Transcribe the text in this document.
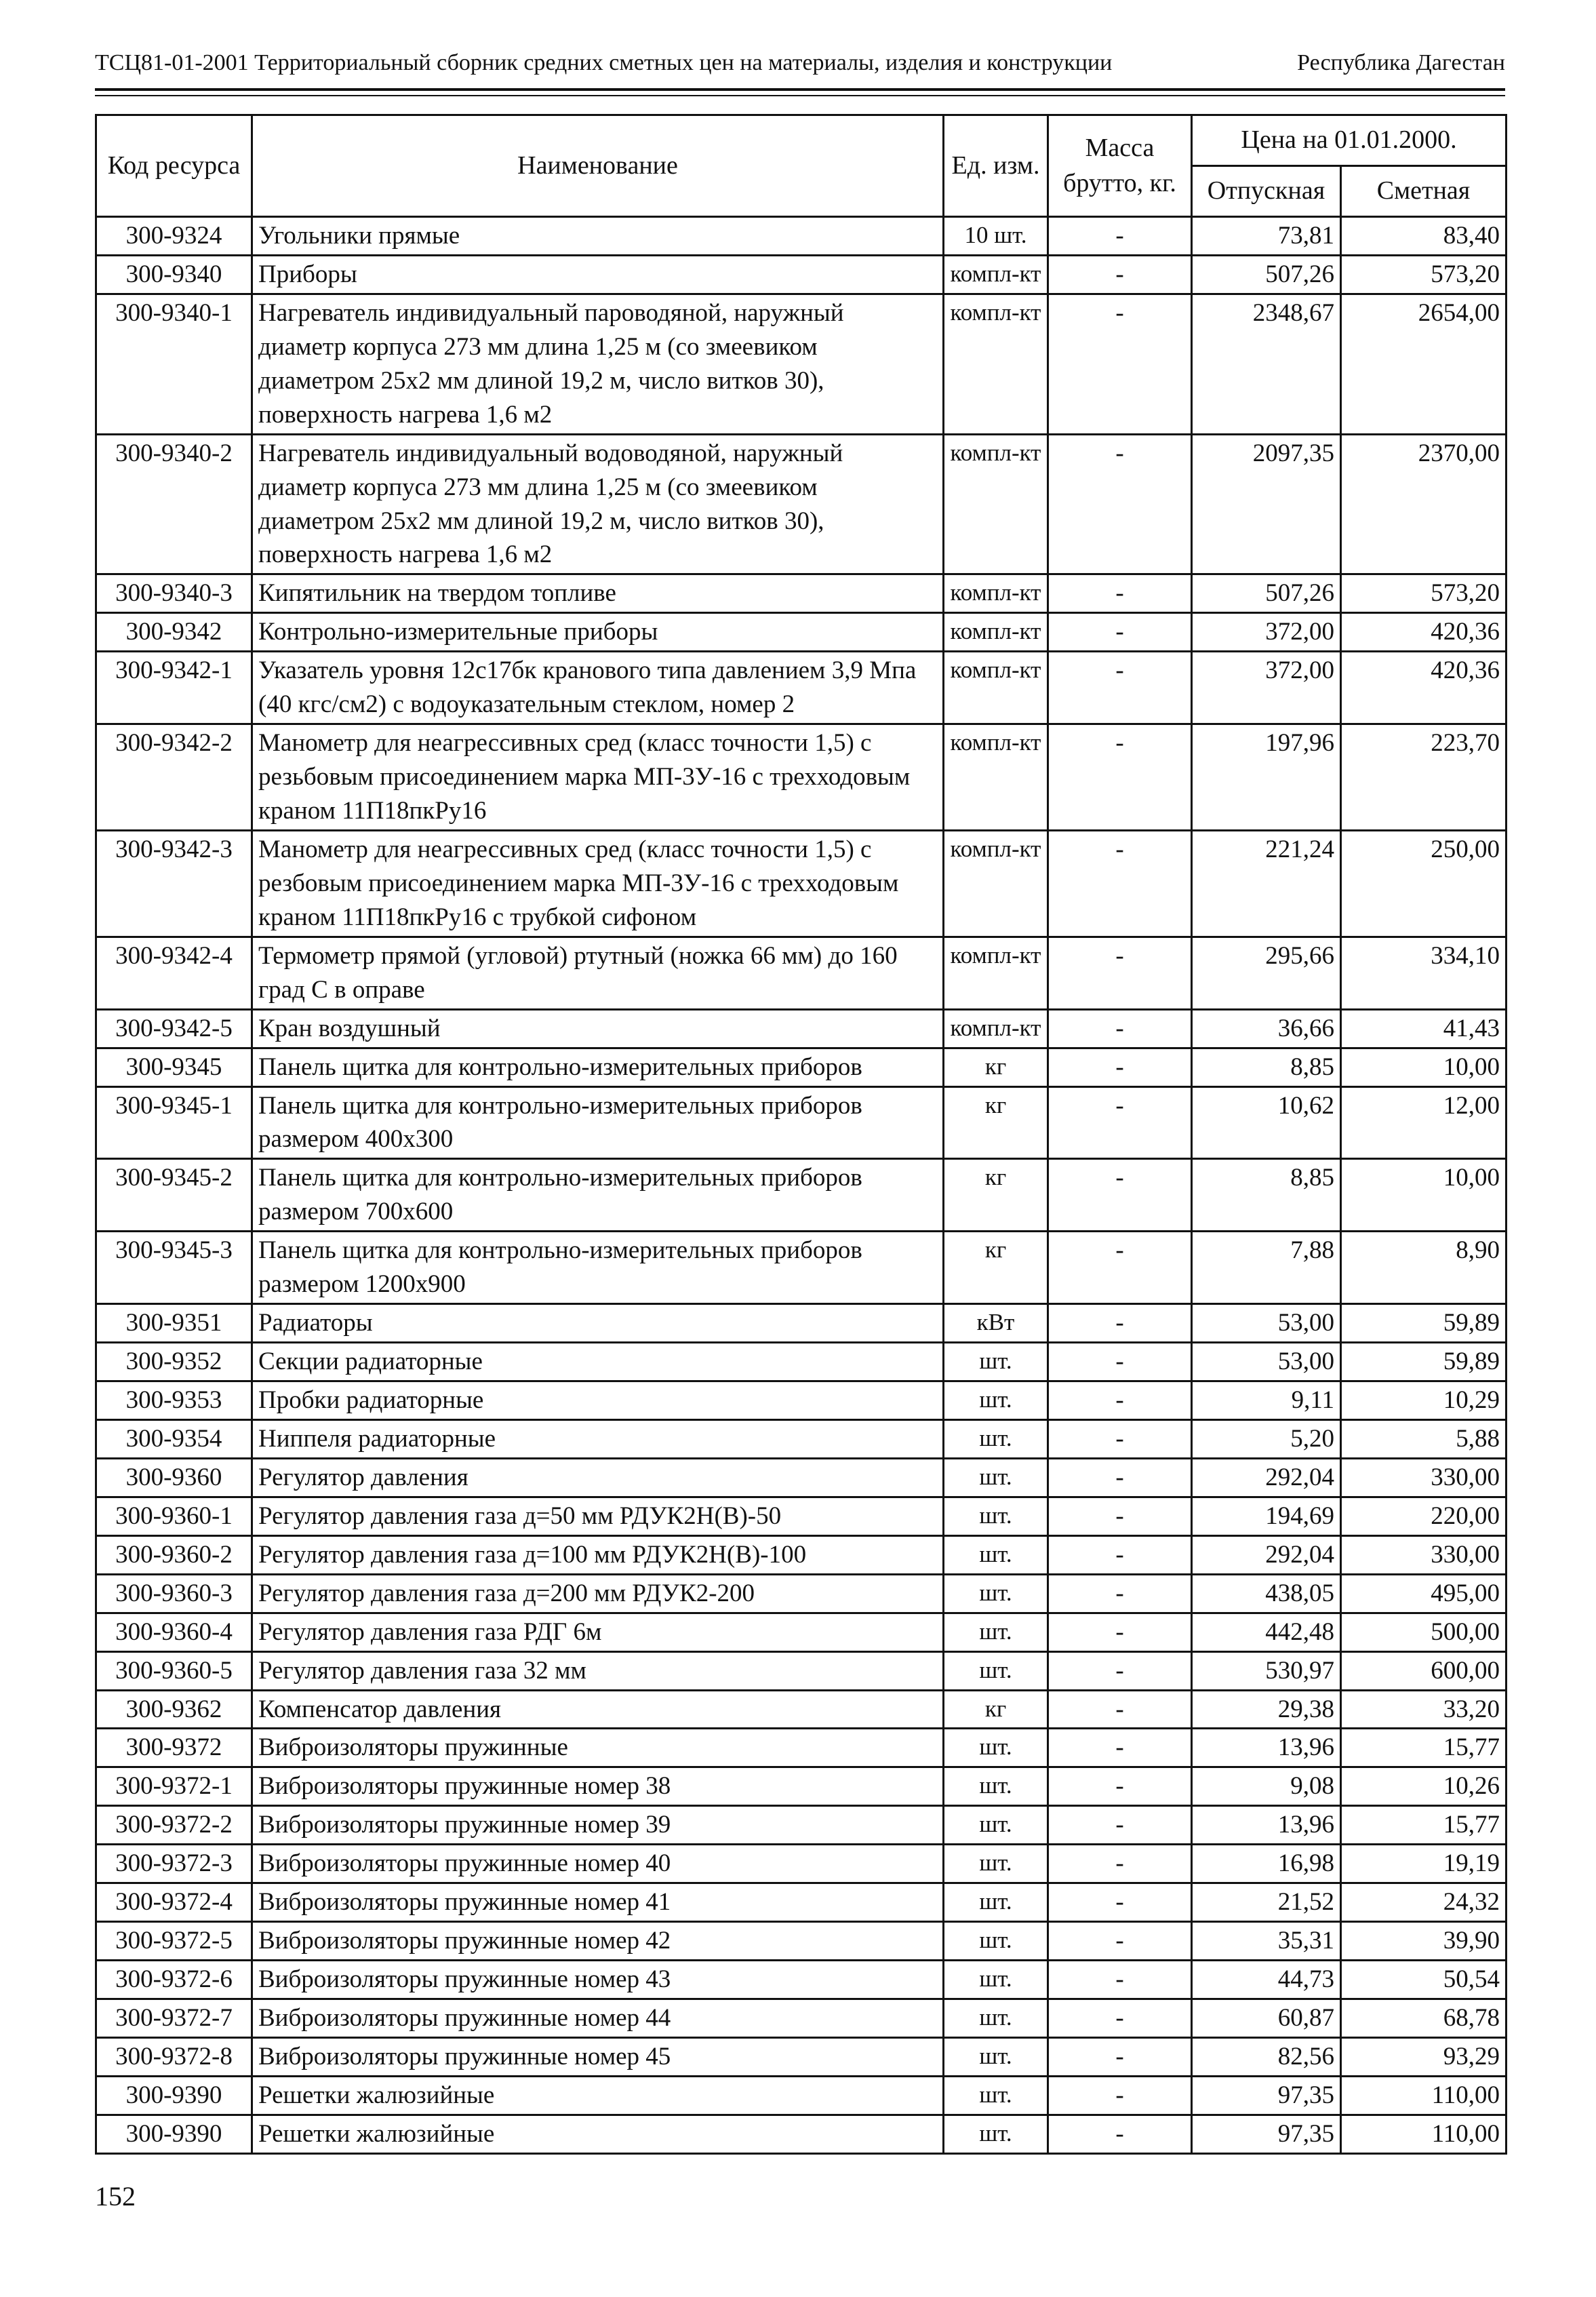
ТСЦ81-01-2001 Территориальный сборник средних сметных цен на материалы, изделия и конструкции	Республика Дагестан
Код ресурса	Наименование	Ед. изм.	Масса брутто, кг.	Цена на 01.01.2000.	
				Отпускная	Сметная
300-9324	Угольники прямые	10 шт.	-	73,81	83,40
300-9340	Приборы	компл-кт	-	507,26	573,20
300-9340-1	Нагреватель индивидуальный пароводяной, наружный диаметр корпуса 273 мм длина 1,25 м (со змеевиком диаметром 25х2 мм длиной 19,2 м, число витков 30), поверхность нагрева 1,6 м2	компл-кт	-	2348,67	2654,00
300-9340-2	Нагреватель индивидуальный водоводяной, наружный диаметр корпуса 273 мм длина 1,25 м (со змеевиком диаметром 25х2 мм длиной 19,2 м, число витков 30), поверхность нагрева 1,6 м2	компл-кт	-	2097,35	2370,00
300-9340-3	Кипятильник на твердом топливе	компл-кт	-	507,26	573,20
300-9342	Контрольно-измерительные приборы	компл-кт	-	372,00	420,36
300-9342-1	Указатель уровня 12с17бк кранового типа давлением 3,9 Мпа (40 кгс/см2) с водоуказательным стеклом, номер 2	компл-кт	-	372,00	420,36
300-9342-2	Манометр для неагрессивных сред (класс точности 1,5) с резьбовым присоединением марка МП-3У-16 с трехходовым краном 11П18пкРу16	компл-кт	-	197,96	223,70
300-9342-3	Манометр для неагрессивных сред (класс точности 1,5) с резбовым присоединением марка МП-3У-16 с трехходовым краном 11П18пкРу16 с трубкой сифоном	компл-кт	-	221,24	250,00
300-9342-4	Термометр прямой (угловой) ртутный (ножка 66 мм) до 160 град С в оправе	компл-кт	-	295,66	334,10
300-9342-5	Кран воздушный	компл-кт	-	36,66	41,43
300-9345	Панель щитка для контрольно-измерительных приборов	кг	-	8,85	10,00
300-9345-1	Панель щитка для контрольно-измерительных приборов размером 400х300	кг	-	10,62	12,00
300-9345-2	Панель щитка для контрольно-измерительных приборов размером 700х600	кг	-	8,85	10,00
300-9345-3	Панель щитка для контрольно-измерительных приборов размером 1200х900	кг	-	7,88	8,90
300-9351	Радиаторы	кВт	-	53,00	59,89
300-9352	Секции радиаторные	шт.	-	53,00	59,89
300-9353	Пробки радиаторные	шт.	-	9,11	10,29
300-9354	Ниппеля радиаторные	шт.	-	5,20	5,88
300-9360	Регулятор давления	шт.	-	292,04	330,00
300-9360-1	Регулятор давления газа д=50 мм РДУК2Н(В)-50	шт.	-	194,69	220,00
300-9360-2	Регулятор давления газа д=100 мм РДУК2Н(В)-100	шт.	-	292,04	330,00
300-9360-3	Регулятор давления газа д=200 мм РДУК2-200	шт.	-	438,05	495,00
300-9360-4	Регулятор давления газа РДГ 6м	шт.	-	442,48	500,00
300-9360-5	Регулятор давления газа 32 мм	шт.	-	530,97	600,00
300-9362	Компенсатор давления	кг	-	29,38	33,20
300-9372	Виброизоляторы пружинные	шт.	-	13,96	15,77
300-9372-1	Виброизоляторы пружинные номер 38	шт.	-	9,08	10,26
300-9372-2	Виброизоляторы пружинные номер 39	шт.	-	13,96	15,77
300-9372-3	Виброизоляторы пружинные номер 40	шт.	-	16,98	19,19
300-9372-4	Виброизоляторы пружинные номер 41	шт.	-	21,52	24,32
300-9372-5	Виброизоляторы пружинные номер 42	шт.	-	35,31	39,90
300-9372-6	Виброизоляторы пружинные номер 43	шт.	-	44,73	50,54
300-9372-7	Виброизоляторы пружинные номер 44	шт.	-	60,87	68,78
300-9372-8	Виброизоляторы пружинные номер 45	шт.	-	82,56	93,29
300-9390	Решетки жалюзийные	шт.	-	97,35	110,00
300-9390	Решетки жалюзийные	шт.	-	97,35	110,00
152
